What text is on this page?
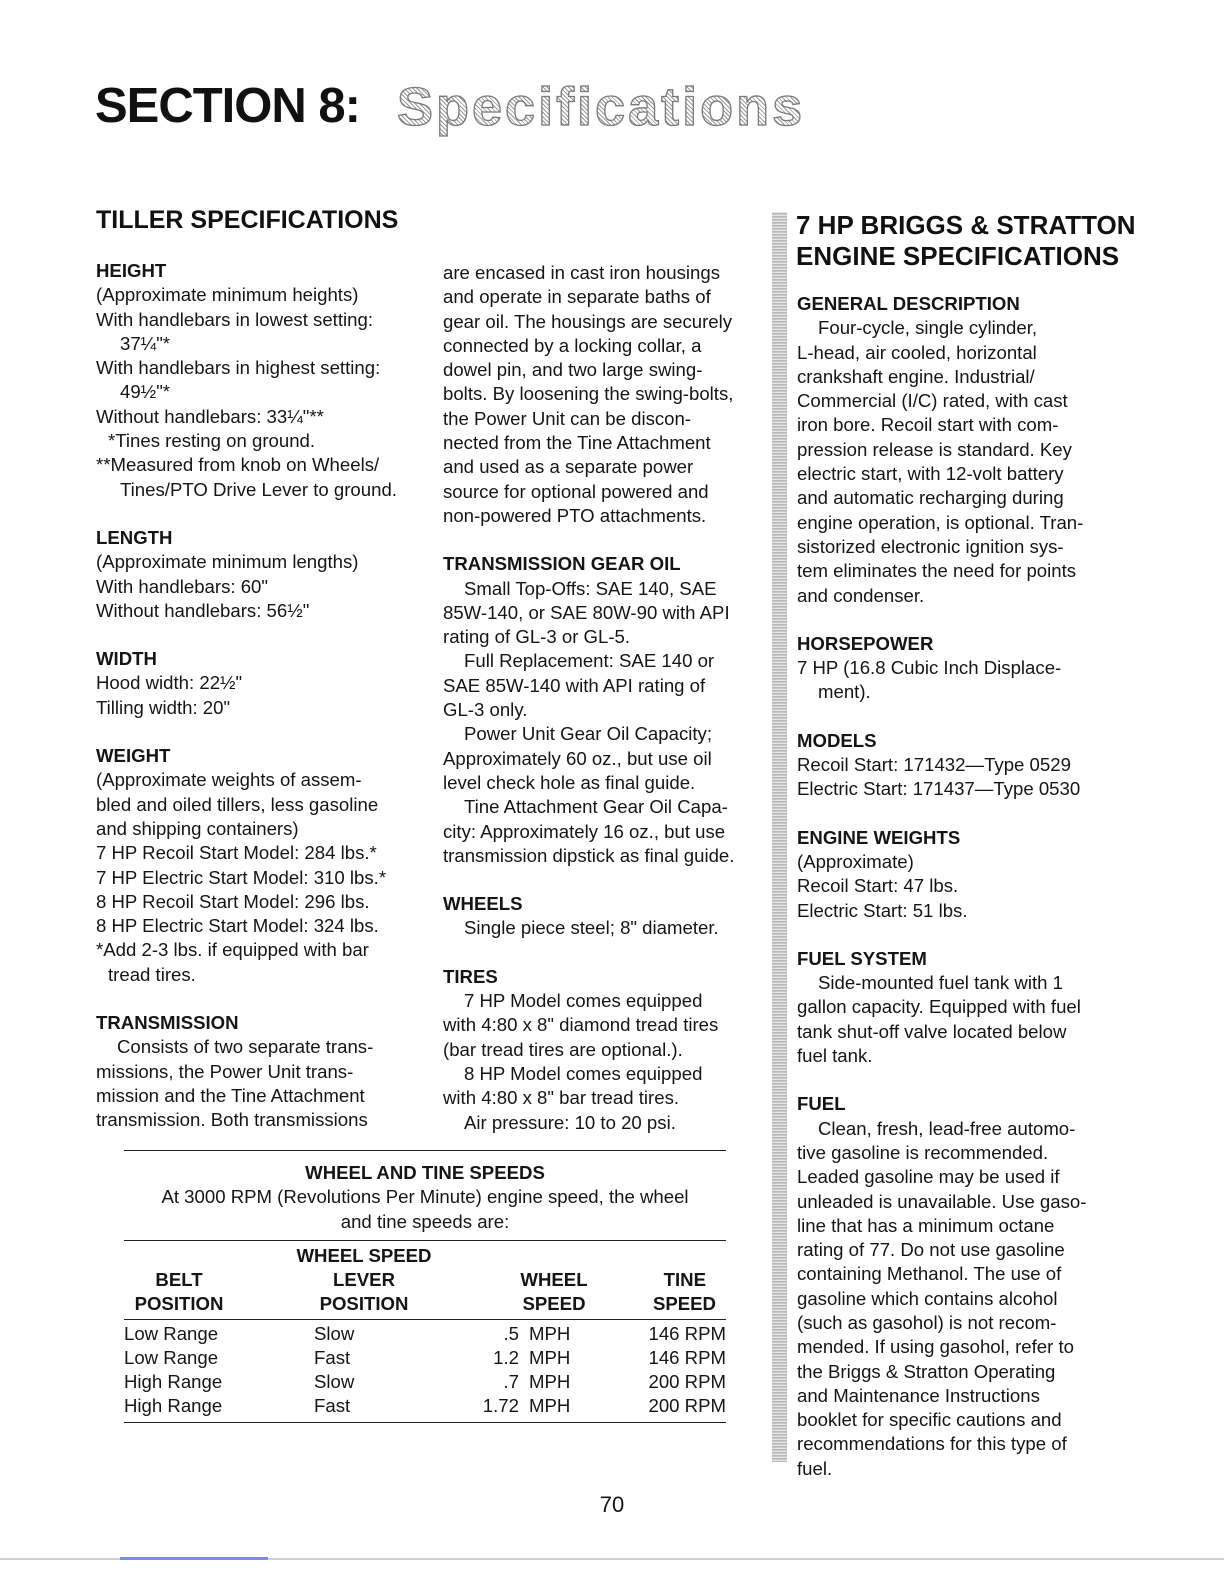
SECTION 8: Specifications
TILLER SPECIFICATIONS

HEIGHT

(Approximate minimum heights)

With handlebars in lowest setting:

37¼"*

With handlebars in highest setting:

49½"*

Without handlebars: 33¼"**

*Tines resting on ground.

**Measured from knob on Wheels/

Tines/PTO Drive Lever to ground.

LENGTH

(Approximate minimum lengths)

With handlebars: 60"

Without handlebars: 56½"

WIDTH

Hood width: 22½"

Tilling width: 20"

WEIGHT

(Approximate weights of assem-

bled and oiled tillers, less gasoline

and shipping containers)

7 HP Recoil Start Model: 284 lbs.*

7 HP Electric Start Model: 310 lbs.*

8 HP Recoil Start Model: 296 lbs.

8 HP Electric Start Model: 324 lbs.

*Add 2-3 lbs. if equipped with bar

tread tires.

TRANSMISSION

Consists of two separate trans-

missions, the Power Unit trans-

mission and the Tine Attachment

transmission. Both transmissions

are encased in cast iron housings

and operate in separate baths of

gear oil. The housings are securely

connected by a locking collar, a

dowel pin, and two large swing-

bolts. By loosening the swing-bolts,

the Power Unit can be discon-

nected from the Tine Attachment

and used as a separate power

source for optional powered and

non-powered PTO attachments.

TRANSMISSION GEAR OIL

Small Top-Offs: SAE 140, SAE

85W-140, or SAE 80W-90 with API

rating of GL-3 or GL-5.

Full Replacement: SAE 140 or

SAE 85W-140 with API rating of

GL-3 only.

Power Unit Gear Oil Capacity;

Approximately 60 oz., but use oil

level check hole as final guide.

Tine Attachment Gear Oil Capa-

city: Approximately 16 oz., but use

transmission dipstick as final guide.

WHEELS

Single piece steel; 8" diameter.

TIRES

7 HP Model comes equipped

with 4:80 x 8" diamond tread tires

(bar tread tires are optional.).

8 HP Model comes equipped

with 4:80 x 8" bar tread tires.

Air pressure: 10 to 20 psi.

WHEEL AND TINE SPEEDS

At 3000 RPM (Revolutions Per Minute) engine speed, the wheel

and tine speeds are:

	WHEEL SPEED		
BELT	LEVER	WHEEL	TINE
POSITION	POSITION	SPEED	SPEED
Low Range	Slow	.5	MPH	146 RPM
Low Range	Fast	1.2	MPH	146 RPM
High Range	Slow	.7	MPH	200 RPM
High Range	Fast	1.72	MPH	200 RPM
7 HP BRIGGS & STRATTON
ENGINE SPECIFICATIONS

GENERAL DESCRIPTION

Four-cycle, single cylinder,

L-head, air cooled, horizontal

crankshaft engine. Industrial/

Commercial (I/C) rated, with cast

iron bore. Recoil start with com-

pression release is standard. Key

electric start, with 12-volt battery

and automatic recharging during

engine operation, is optional. Tran-

sistorized electronic ignition sys-

tem eliminates the need for points

and condenser.

HORSEPOWER

7 HP (16.8 Cubic Inch Displace-

ment).

MODELS

Recoil Start: 171432—Type 0529

Electric Start: 171437—Type 0530

ENGINE WEIGHTS

(Approximate)

Recoil Start: 47 lbs.

Electric Start: 51 lbs.

FUEL SYSTEM

Side-mounted fuel tank with 1

gallon capacity. Equipped with fuel

tank shut-off valve located below

fuel tank.

FUEL

Clean, fresh, lead-free automo-

tive gasoline is recommended.

Leaded gasoline may be used if

unleaded is unavailable. Use gaso-

line that has a minimum octane

rating of 77. Do not use gasoline

containing Methanol. The use of

gasoline which contains alcohol

(such as gasohol) is not recom-

mended. If using gasohol, refer to

the Briggs & Stratton Operating

and Maintenance Instructions

booklet for specific cautions and

recommendations for this type of

fuel.

70
